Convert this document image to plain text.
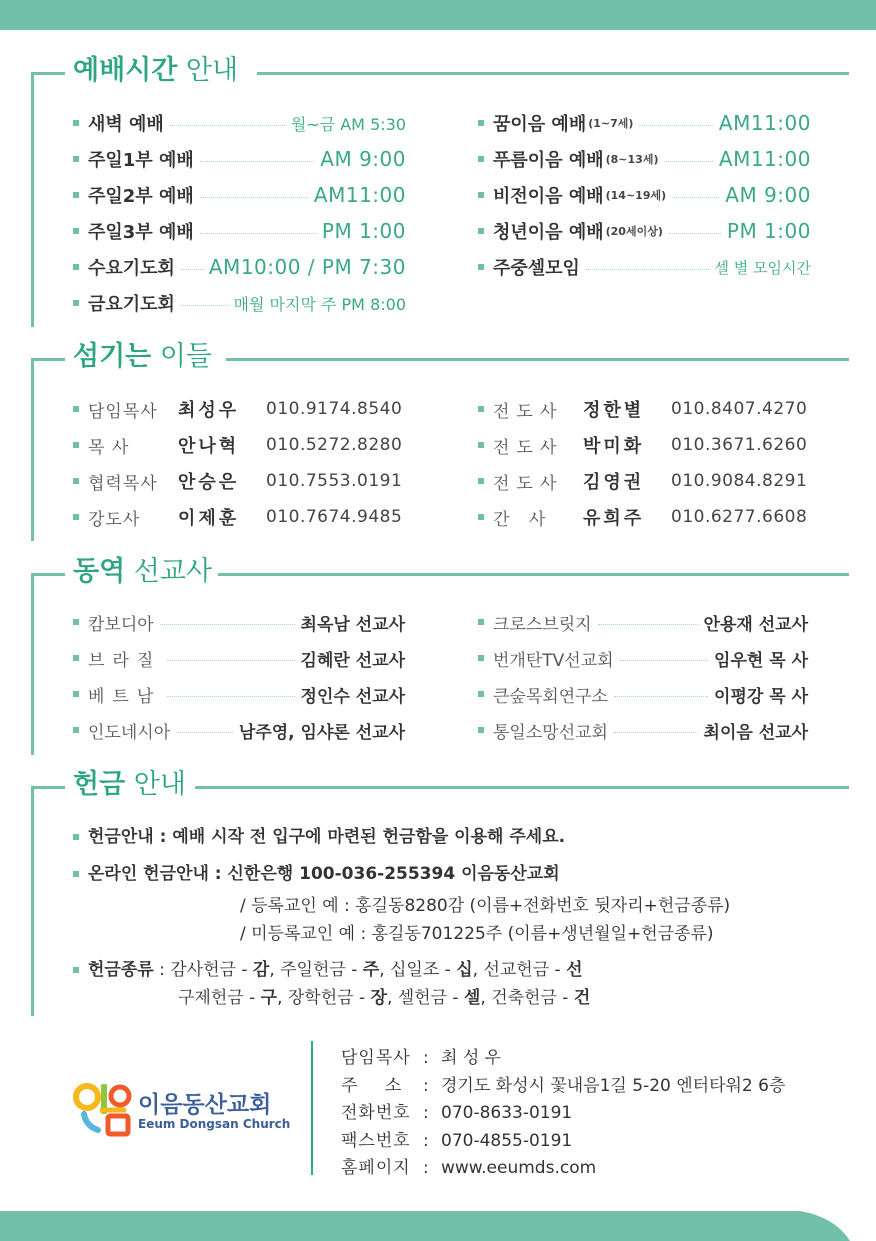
예배시간 안내
새벽 예배	월~금 AM 5:30
주일1부 예배	AM 9:00
주일2부 예배	AM11:00
주일3부 예배	PM 1:00
수요기도회 AM10:00 / PM 7:30
금요기도회	매월 마지막 주 PM 8:00
꿈이음 예배 (1~7세)	AM11:00
푸름이음 예배 (8~13세)	AM11:00
비전이음 예배 (14~19세)	AM 9:00
청년이음 예배 (20세이상)	PM 1:00
주중셀모임	셀 별 모임시간
섬기는 이들
담임목사	최성우	010.9174.8540
목 사	안나혁	010.5272.8280
협력목사	안승은	010.7553.0191
강도사	이제훈	010.7674.9485
전도사	정한별	010.8407.4270
전도사	박미화	010.3671.6260
전도사	김영권	010.9084.8291
간 사	유희주	010.6277.6608
동역 선교사
캄보디아	최옥남 선교사
브라질	김혜란 선교사
베트남	정인수 선교사
인도네시아	남주영, 임샤론 선교사
크로스브릿지	안용재 선교사
번개탄TV선교회	임우현 목 사
큰숲목회연구소	이평강 목 사
통일소망선교회	최이음 선교사
헌금 안내
헌금안내 : 예배 시작 전 입구에 마련된 헌금함을 이용해 주세요.
온라인 헌금안내 : 신한은행 100-036-255394 이음동산교회
/ 등록교인 예 : 홍길동8280감 (이름+전화번호 뒷자리+헌금종류)
/ 미등록교인 예 : 홍길동701225주 (이름+생년월일+헌금종류)
헌금종류 : 감사헌금 - 감, 주일헌금 - 주, 십일조 - 십, 선교헌금 - 선
구제헌금 - 구, 장학헌금 - 장, 셀헌금 - 셀, 건축헌금 - 건
이음동산교회
Eeum Dongsan Church
담임목사 : 최 성 우
주 소 : 경기도 화성시 꽃내음1길 5-20 엔터타워2 6층
전화번호 : 070-8633-0191
팩스번호 : 070-4855-0191
홈페이지 : www.eeumds.com
